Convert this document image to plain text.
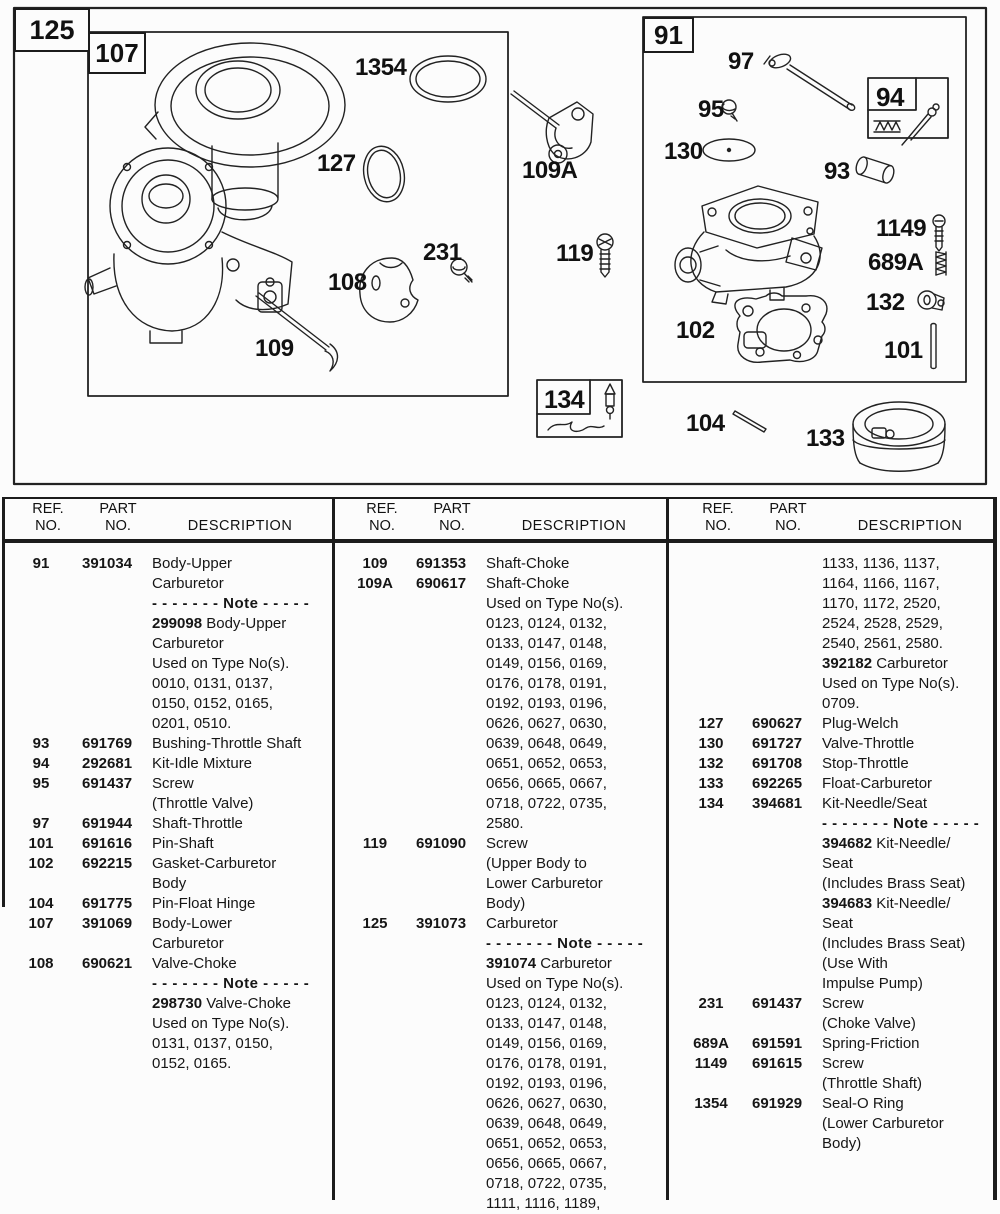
125
107
91
94
134
1354
127
231
108
109
109A
119
97
95
130
93
1149
689A
132
102
101
104
133
REF.
NO.
PART
NO.	DESCRIPTION
REF.
NO.
PART
NO.	DESCRIPTION
REF.
NO.
PART
NO.	DESCRIPTION
91	391034	Body-Upper
Carburetor
- - - - - - - Note - - - - -
299098 Body-Upper
Carburetor
Used on Type No(s).
0010, 0131, 0137,
0150, 0152, 0165,
0201, 0510.
93	691769	Bushing-Throttle Shaft
94	292681	Kit-Idle Mixture
95	691437	Screw
(Throttle Valve)
97	691944	Shaft-Throttle
101	691616	Pin-Shaft
102	692215	Gasket-Carburetor
Body
104	691775	Pin-Float Hinge
107	391069	Body-Lower
Carburetor
108	690621	Valve-Choke
- - - - - - - Note - - - - -
298730 Valve-Choke
Used on Type No(s).
0131, 0137, 0150,
0152, 0165.
109	691353	Shaft-Choke
109A	690617	Shaft-Choke
Used on Type No(s).
0123, 0124, 0132,
0133, 0147, 0148,
0149, 0156, 0169,
0176, 0178, 0191,
0192, 0193, 0196,
0626, 0627, 0630,
0639, 0648, 0649,
0651, 0652, 0653,
0656, 0665, 0667,
0718, 0722, 0735,
2580.
119	691090	Screw
(Upper Body to
Lower Carburetor
Body)
125	391073	Carburetor
- - - - - - - Note - - - - -
391074 Carburetor
Used on Type No(s).
0123, 0124, 0132,
0133, 0147, 0148,
0149, 0156, 0169,
0176, 0178, 0191,
0192, 0193, 0196,
0626, 0627, 0630,
0639, 0648, 0649,
0651, 0652, 0653,
0656, 0665, 0667,
0718, 0722, 0735,
1111, 1116, 1189,
1133, 1136, 1137,
1164, 1166, 1167,
1170, 1172, 2520,
2524, 2528, 2529,
2540, 2561, 2580.
392182 Carburetor
Used on Type No(s).
0709.
127	690627	Plug-Welch
130	691727	Valve-Throttle
132	691708	Stop-Throttle
133	692265	Float-Carburetor
134	394681	Kit-Needle/Seat
- - - - - - - Note - - - - -
394682 Kit-Needle/
Seat
(Includes Brass Seat)
394683 Kit-Needle/
Seat
(Includes Brass Seat)
(Use With
Impulse Pump)
231	691437	Screw
(Choke Valve)
689A	691591	Spring-Friction
1149	691615	Screw
(Throttle Shaft)
1354	691929	Seal-O Ring
(Lower Carburetor
Body)
